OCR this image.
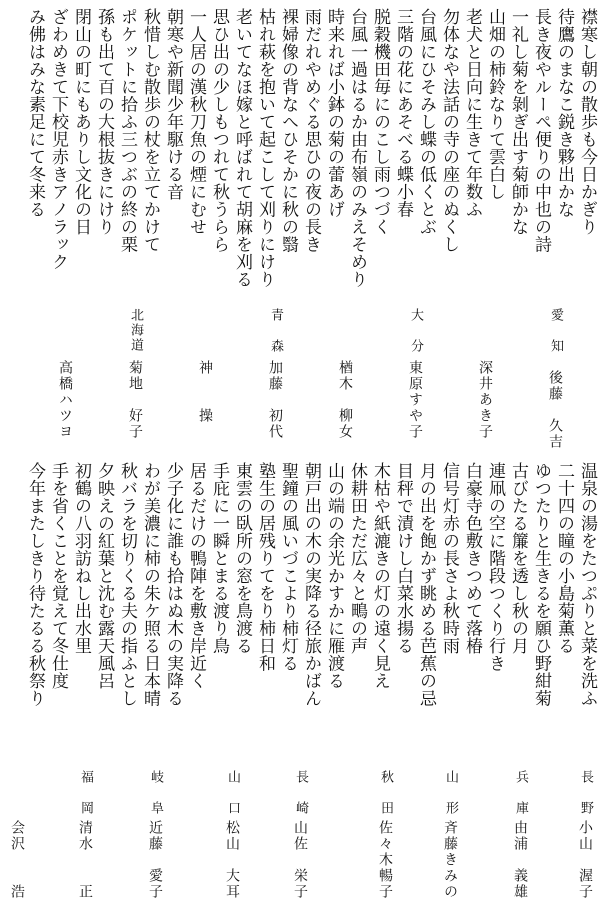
襟寒し朝の散歩も今日かぎり
待鷹のまなこ鋭き夥出かな
長き夜やルーペ便りの中也の詩
一礼し菊を剝ぎ出す菊師かな
山畑の柿鈴なりて雲白し
老犬と日向に生きて年数ふ
勿体なや法話の寺の座のぬくし
台風にひそみし蝶の低くとぶ
三階の花にあそべる蝶小春
脱穀機田毎にのこし雨つづく
台風一過はるか由布嶺のみえそめり
時来れば小鉢の菊の蕾あげ
雨だれやめぐる思ひの夜の長き
裸婦像の背なへひそかに秋の翳
枯れ萩を抱いて起こして刈りにけり
老いてなほ嫁と呼ばれて胡麻を刈る
思ひ出の少しもつれて秋うらら
一人居の漢秋刀魚の煙にむせ
朝寒や新聞少年駆ける音
秋惜しむ散歩の杖を立てかけて
ポケットに拾ふ三つぶの終の栗
孫も出て百の大根抜きにけり
閉山の町にもありし文化の日
ざわめきて下校児赤きアノラック
み佛はみな素足にて冬来る
愛知
後藤　久吉
深井あき子
大分
東原すや子
楢木　柳女
青森
加藤　初代
神　　操
北海道
菊地　好子
高橋ハツヨ
温泉の湯をたつぷりと菜を洗ふ
二十四の瞳の小島菊薫る
ゆつたりと生きるを願ひ野紺菊
古びたる簾を透し秋の月
連凧の空に階段つくり行き
白豪寺色敷きつめて落椿
信号灯赤の長さよ秋時雨
月の出を飽かず眺める芭蕉の忌
目秤で漬けし白菜水揚る
木枯や紙漉きの灯の遠く見え
休耕田ただ広々と鴫の声
山の端の余光かすかに雁渡る
朝戸出の木の実降る径旅かばん
聖鐘の風いづこより柿灯る
塾生の居残りてをり柿日和
東雲の臥所の窓を鳥渡る
手庇に一瞬とまる渡り鳥
居るだけの鴨陣を敷き岸近く
少子化に誰も拾はぬ木の実降る
わが美濃に柿の朱ケ照る日本晴
秋バラを切りくる夫の指ふとし
夕映えの紅葉と沈む露天風呂
初鶴の八羽訪ねし出水里
手を省くことを覚えて冬仕度
今年またしきり待たるる秋祭り
長野
小山　渥子
兵庫
由浦　義雄
山形
斉藤きみの
秋田
佐々木暢子
長崎
山佐　栄子
山口
松山　大耳
岐阜
近藤　愛子
福岡
清水　　正
会沢　　浩
